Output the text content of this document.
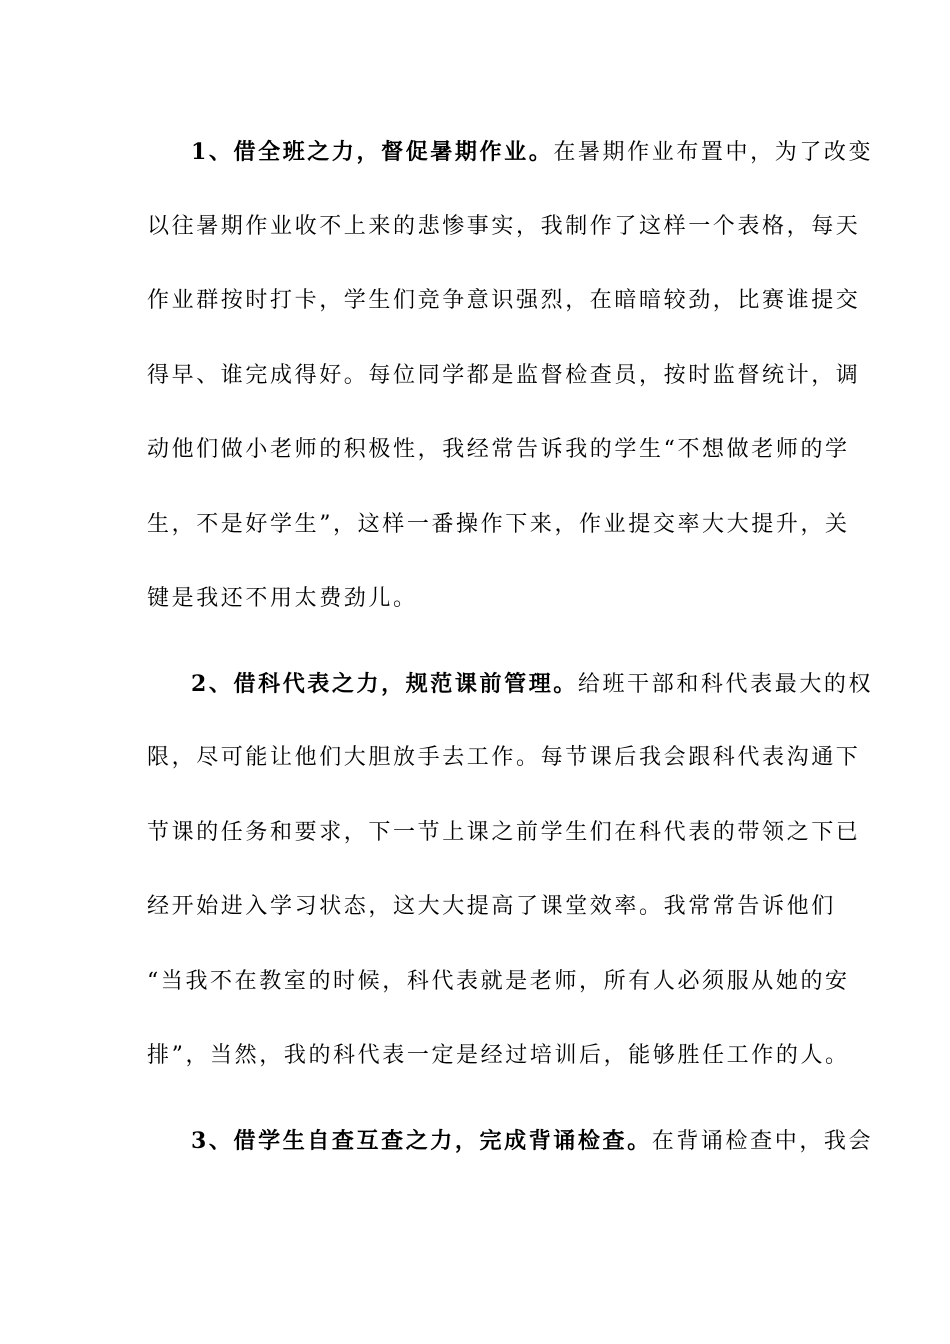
1、借全班之力，督促暑期作业。在暑期作业布置中，为了改变
以往暑期作业收不上来的悲惨事实，我制作了这样一个表格，每天
作业群按时打卡，学生们竞争意识强烈，在暗暗较劲，比赛谁提交
得早、谁完成得好。每位同学都是监督检查员，按时监督统计，调
动他们做小老师的积极性，我经常告诉我的学生“不想做老师的学
生，不是好学生”，这样一番操作下来，作业提交率大大提升，关
键是我还不用太费劲儿。
2、借科代表之力，规范课前管理。给班干部和科代表最大的权
限，尽可能让他们大胆放手去工作。每节课后我会跟科代表沟通下
节课的任务和要求，下一节上课之前学生们在科代表的带领之下已
经开始进入学习状态，这大大提高了课堂效率。我常常告诉他们
“当我不在教室的时候，科代表就是老师，所有人必须服从她的安
排”，当然，我的科代表一定是经过培训后，能够胜任工作的人。
3、借学生自查互查之力，完成背诵检查。在背诵检查中，我会
